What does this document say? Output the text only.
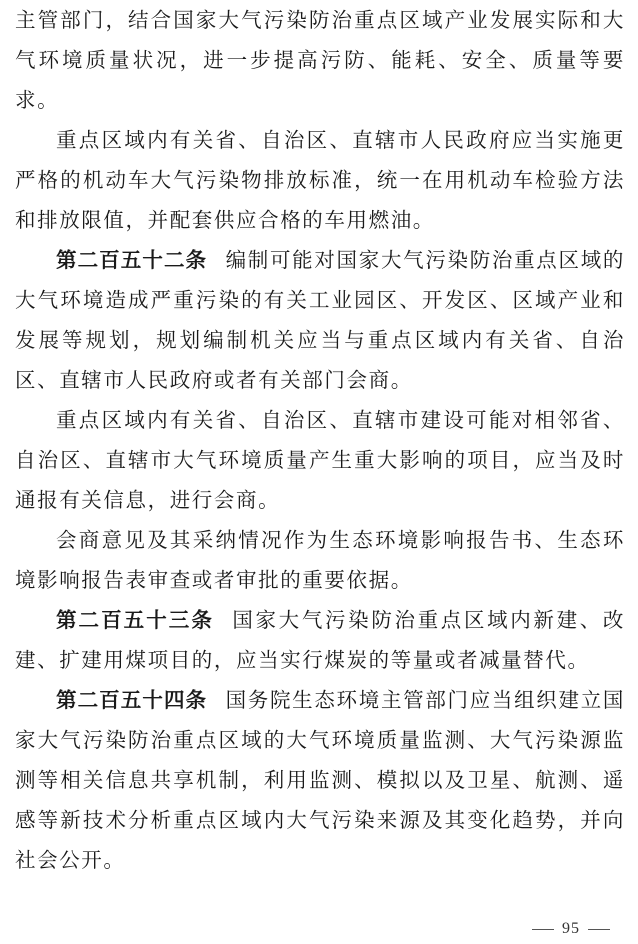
主管部门，结合国家大气污染防治重点区域产业发展实际和大气环境质量状况，进一步提高污防、能耗、安全、质量等要求。

重点区域内有关省、自治区、直辖市人民政府应当实施更严格的机动车大气污染物排放标准，统一在用机动车检验方法和排放限值，并配套供应合格的车用燃油。

第二百五十二条 编制可能对国家大气污染防治重点区域的大气环境造成严重污染的有关工业园区、开发区、区域产业和发展等规划，规划编制机关应当与重点区域内有关省、自治区、直辖市人民政府或者有关部门会商。

重点区域内有关省、自治区、直辖市建设可能对相邻省、自治区、直辖市大气环境质量产生重大影响的项目，应当及时通报有关信息，进行会商。

会商意见及其采纳情况作为生态环境影响报告书、生态环境影响报告表审查或者审批的重要依据。

第二百五十三条 国家大气污染防治重点区域内新建、改建、扩建用煤项目的，应当实行煤炭的等量或者减量替代。

第二百五十四条 国务院生态环境主管部门应当组织建立国家大气污染防治重点区域的大气环境质量监测、大气污染源监测等相关信息共享机制，利用监测、模拟以及卫星、航测、遥感等新技术分析重点区域内大气污染来源及其变化趋势，并向社会公开。

95
